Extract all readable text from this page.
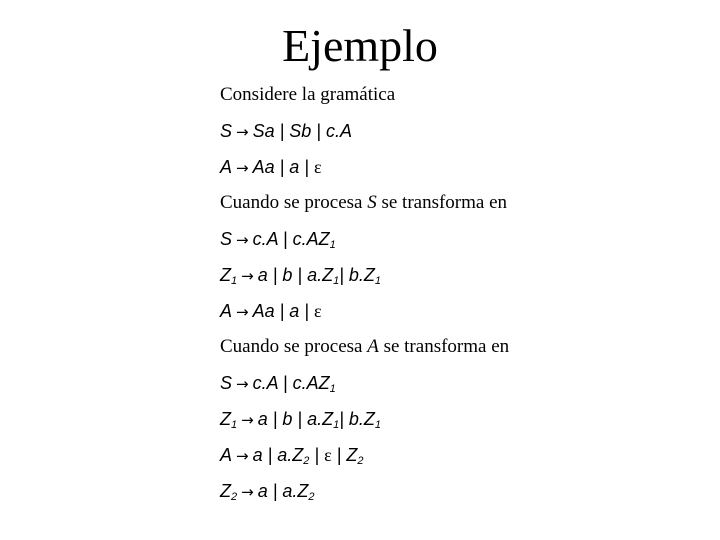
Ejemplo
Considere la gramática
S → Sa | Sb | c.A
A → Aa | a | ε
Cuando se procesa S se transforma en
S → c.A | $c.AZ_1$
$Z_1 \to a$ | b | $a.Z_1|$ $b.Z_1$
A → Aa | a | ε
Cuando se procesa A se transforma en
S → c.A | $c.AZ_1$
$Z_1 \to a$ | b | $a.Z_1|$ $b.Z_1$
A → a | $a.Z_2$ | ε | $Z_2$
$Z_2 \to a$ | $a.Z_2$
